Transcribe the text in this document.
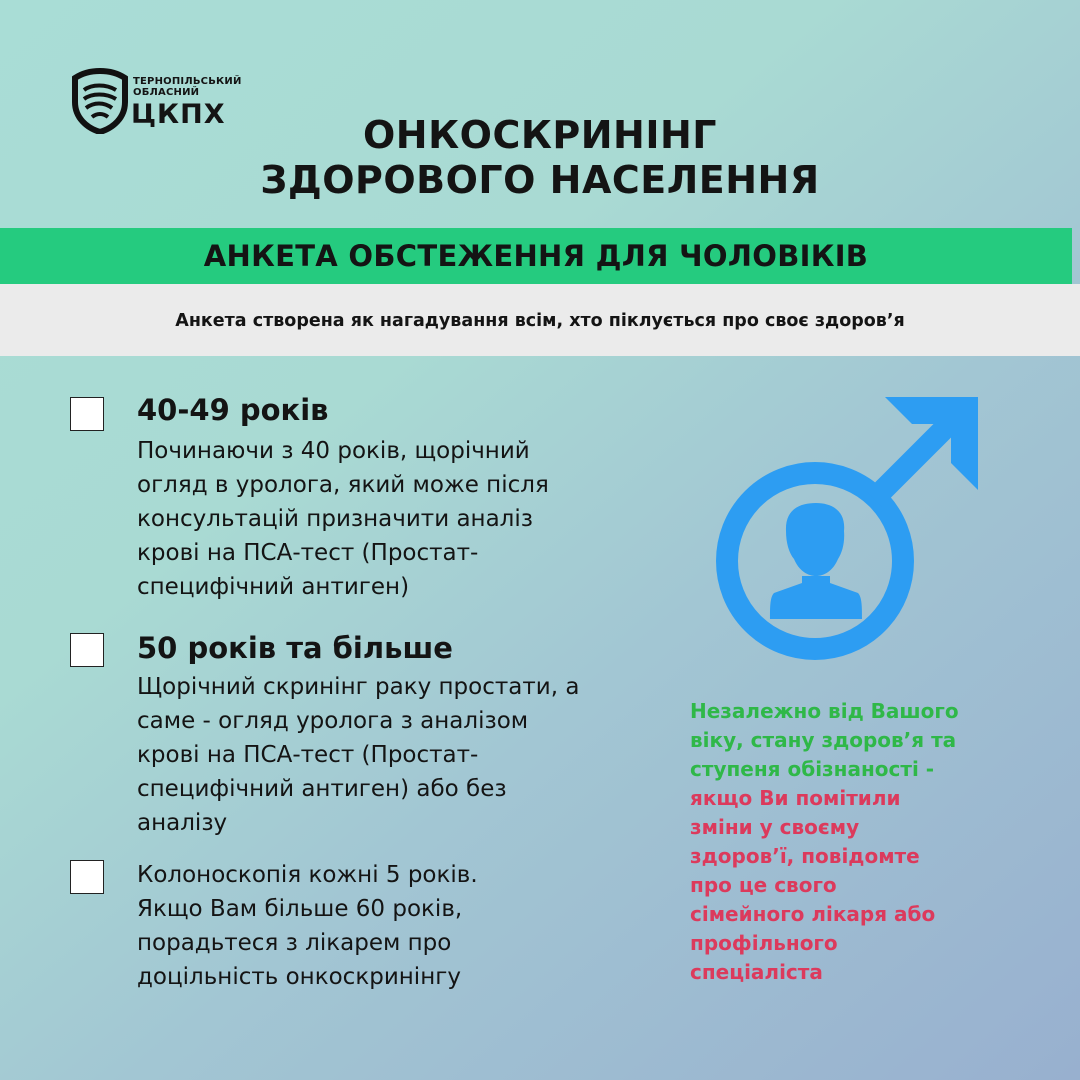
ТЕРНОПІЛЬСЬКИЙ
ОБЛАСНИЙ
ЦКПХ	ОНКОСКРИНІНГ
ЗДОРОВОГО НАСЕЛЕННЯ
АНКЕТА ОБСТЕЖЕННЯ ДЛЯ ЧОЛОВІКІВ
Анкета створена як нагадування всім, хто піклується про своє здоров’я
40-49 років
Починаючи з 40 років, щорічний
огляд в уролога, який може після
консультацій призначити аналіз
крові на ПСА-тест (Простат-
специфічний антиген)
50 років та більше
Щорічний скринінг раку простати, а
саме - огляд уролога з аналізом
крові на ПСА-тест (Простат-
специфічний антиген) або без
аналізу
Колоноскопія кожні 5 років.
Якщо Вам більше 60 років,
порадьтеся з лікарем про
доцільність онкоскринінгу
Незалежно від Вашого
віку, стану здоров’я та
ступеня обізнаності -
якщо Ви помітили
зміни у своєму
здоров’ї, повідомте
про це свого
сімейного лікаря або
профільного
спеціаліста
